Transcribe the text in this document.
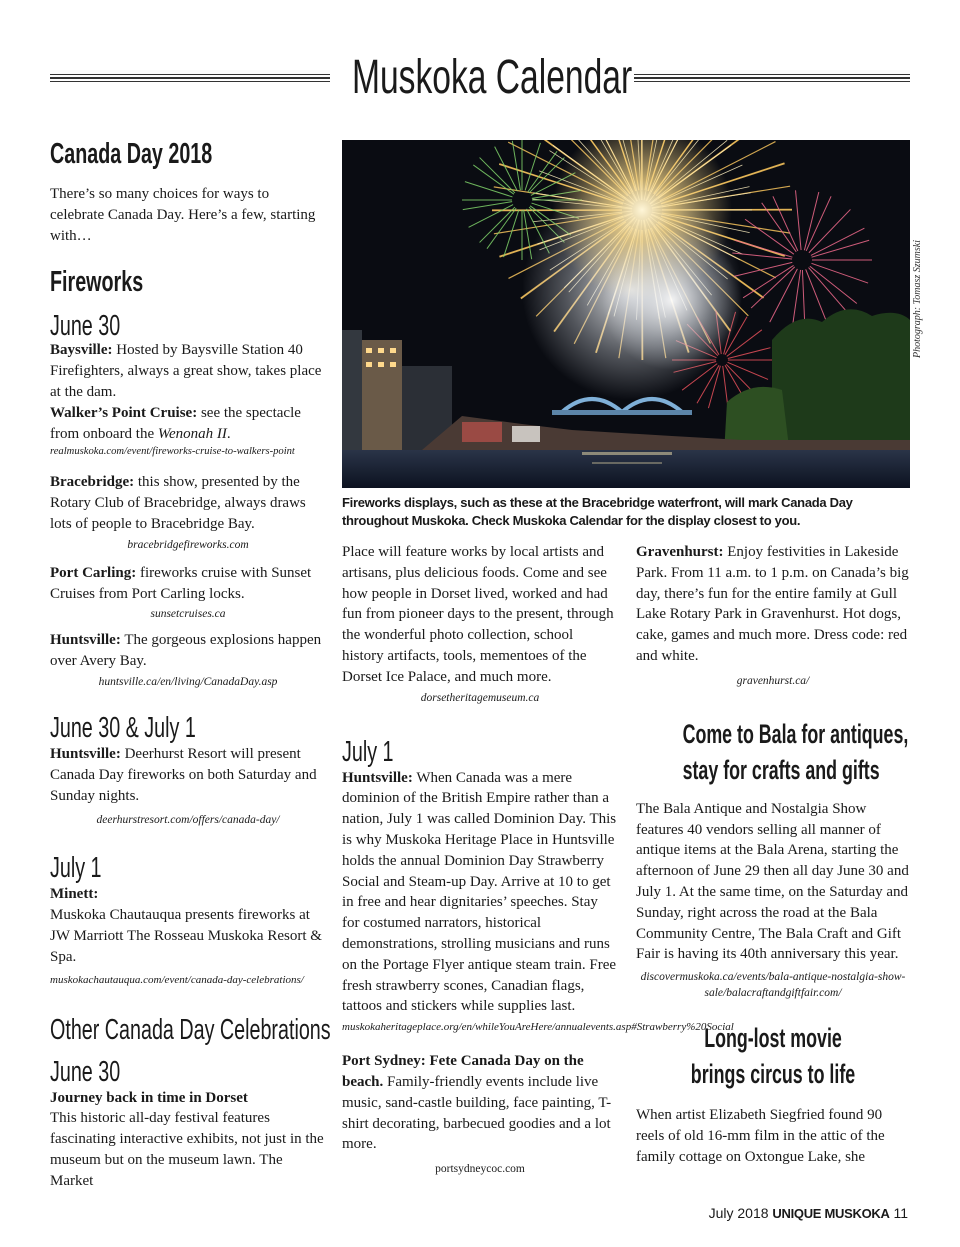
Muskoka Calendar
Canada Day 2018

There’s so many choices for ways to celebrate Canada Day. Here’s a few, starting with…

Fireworks
June 30

Baysville: Hosted by Baysville Station 40 Firefighters, always a great show, takes place at the dam.

Walker’s Point Cruise: see the spectacle from onboard the Wenonah II.

realmuskoka.com/event/fireworks-cruise-to-walkers-point

Bracebridge: this show, presented by the Rotary Club of Bracebridge, always draws lots of people to Bracebridge Bay.

bracebridgefireworks.com

Port Carling: fireworks cruise with Sunset Cruises from Port Carling locks.

sunsetcruises.ca

Huntsville: The gorgeous explosions happen over Avery Bay.

huntsville.ca/en/living/CanadaDay.asp

June 30 & July 1

Huntsville: Deerhurst Resort will present Canada Day fireworks on both Saturday and Sunday nights.

deerhurstresort.com/offers/canada-day/

July 1

Minett:

Muskoka Chautauqua presents fireworks at JW Marriott The Rosseau Muskoka Resort & Spa.

muskokachautauqua.com/event/canada-day-celebrations/

Other Canada Day Celebrations
June 30

Journey back in time in Dorset

This historic all-day festival features fascinating interactive exhibits, not just in the museum but on the museum lawn. The Market

Photograph: Tomasz Szumski
Fireworks displays, such as these at the Bracebridge waterfront, will mark Canada Day throughout Muskoka. Check Muskoka Calendar for the display closest to you.

Place will feature works by local artists and artisans, plus delicious foods. Come and see how people in Dorset lived, worked and had fun from pioneer days to the present, through the wonderful photo collection, school history artifacts, tools, mementoes of the Dorset Ice Palace, and much more.

dorsetheritagemuseum.ca

July 1

Huntsville: When Canada was a mere dominion of the British Empire rather than a nation, July 1 was called Dominion Day. This is why Muskoka Heritage Place in Huntsville holds the annual Dominion Day Strawberry Social and Steam-up Day. Arrive at 10 to get in free and hear dignitaries’ speeches. Stay for costumed narrators, historical demonstrations, strolling musicians and runs on the Portage Flyer antique steam train. Free fresh strawberry scones, Canadian flags, tattoos and stickers while supplies last.

muskokaheritageplace.org/en/whileYouAreHere/annualevents.asp#Strawberry%20Social

Port Sydney: Fete Canada Day on the beach. Family-friendly events include live music, sand-castle building, face painting, T-shirt decorating, barbecued goodies and a lot more.

portsydneycoc.com

Gravenhurst: Enjoy festivities in Lakeside Park. From 11 a.m. to 1 p.m. on Canada’s big day, there’s fun for the entire family at Gull Lake Rotary Park in Gravenhurst. Hot dogs, cake, games and much more. Dress code: red and white.

gravenhurst.ca/

Come to Bala for antiques,
stay for crafts and gifts

The Bala Antique and Nostalgia Show features 40 vendors selling all manner of antique items at the Bala Arena, starting the afternoon of June 29 then all day June 30 and July 1. At the same time, on the Saturday and Sunday, right across the road at the Bala Community Centre, The Bala Craft and Gift Fair is having its 40th anniversary this year.

discovermuskoka.ca/events/bala-antique-nostalgia-show-sale/balacraftandgiftfair.com/

Long-lost movie
brings circus to life

When artist Elizabeth Siegfried found 90 reels of old 16-mm film in the attic of the family cottage on Oxtongue Lake, she

July 2018 UNIQUE MUSKOKA 11
